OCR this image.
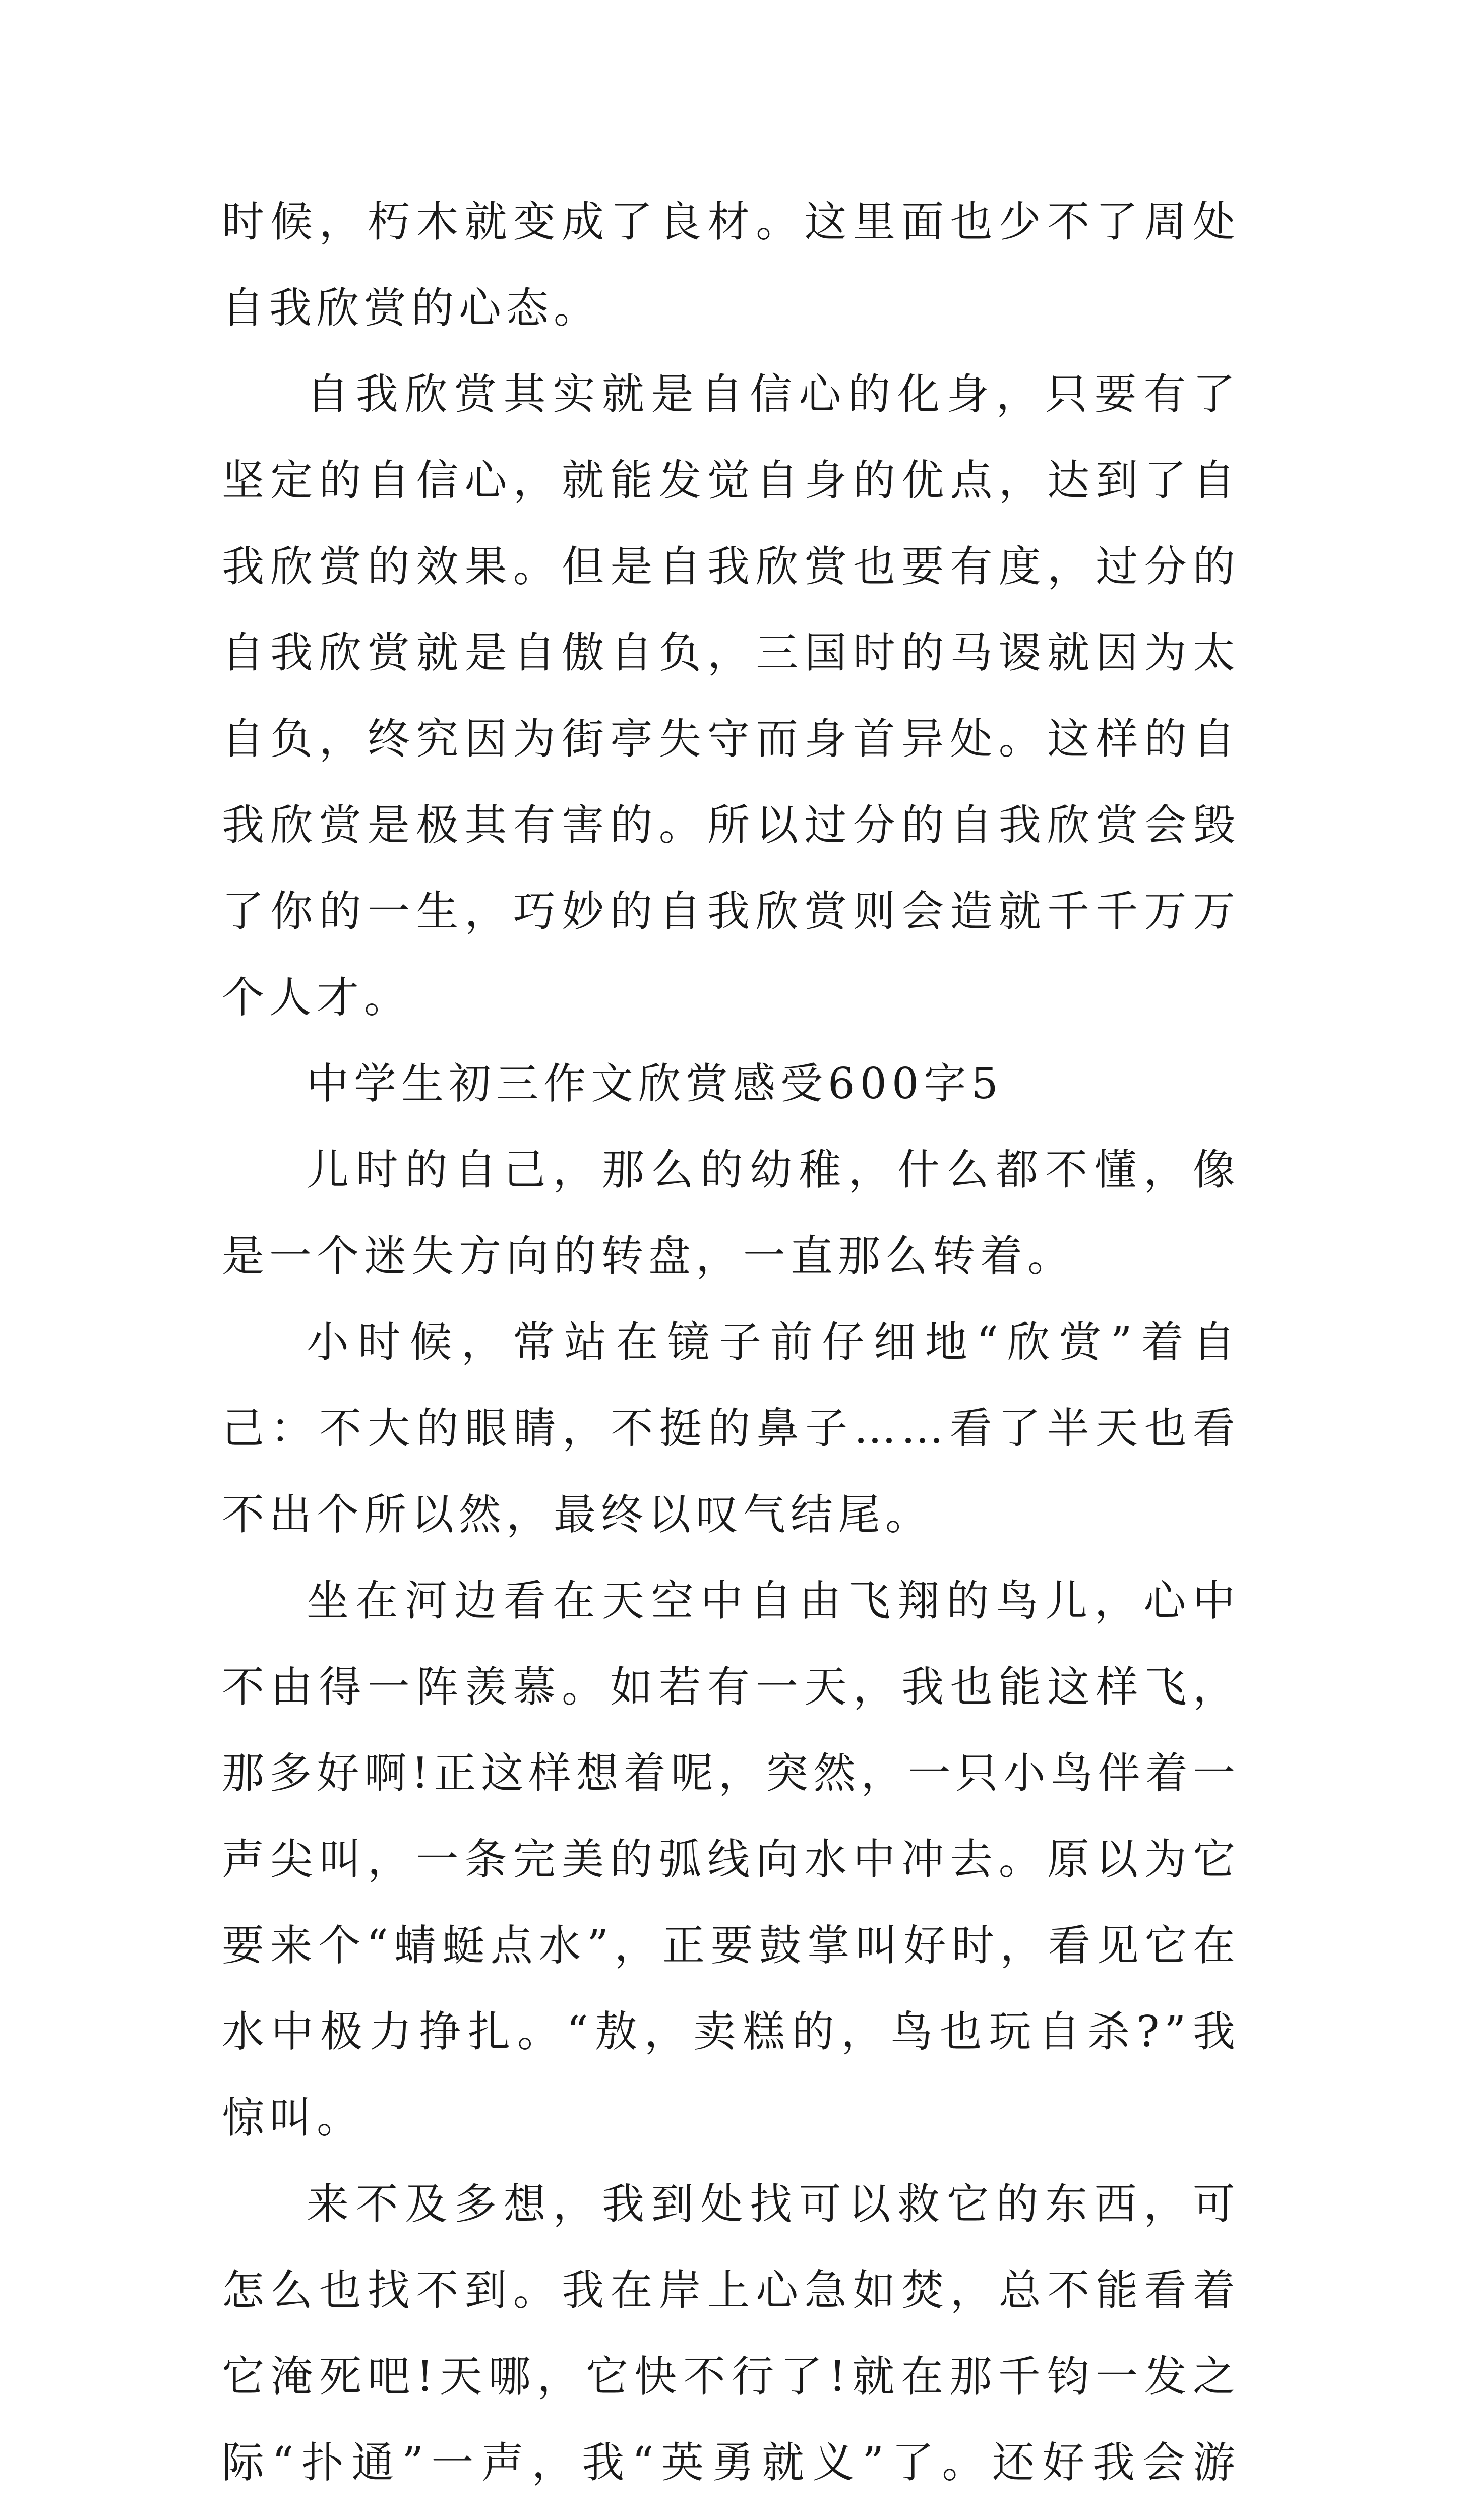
时候，朽木就变成了良材。这里面也少不了周处自我欣赏的心态。

自我欣赏其实就是自信心的化身，只要有了坚定的自信心，就能发觉自身的优点，达到了自我欣赏的效果。但是自我欣赏也要有度，过分的自我欣赏就是自傲自负，三国时的马谡就因为太自负，终究因为街亭失守而身首异处。这样的自我欣赏是极其有害的。所以过分的自我欣赏会毁了你的一生，巧妙的自我欣赏则会造就千千万万个人才。

中学生初三作文欣赏感受600字5

儿时的自己，那么的幼稚，什么都不懂，像是一个迷失方向的转盘，一直那么转着。

小时候，常站在镜子前仔细地“欣赏”着自己：不大的眼睛，不挺的鼻子……看了半天也看不出个所以然，最终以叹气结尾。

坐在河边看在天空中自由飞翔的鸟儿，心中不由得一阵羡慕。如若有一天，我也能这样飞，那多好啊!正这样想着呢，突然，一只小鸟伴着一声尖叫，一条完美的弧线向水中冲去。原以为它要来个“蜻蜓点水”，正要鼓掌叫好时，看见它在水中极力挣扎。“敖，卖糕的，鸟也玩自杀?”我惊叫。

来不及多想，我到处找可以救它的东西，可怎么也找不到。我在岸上心急如焚，总不能看着它淹死吧!天哪，它快不行了!就在那千钧一发之际“扑通”一声，我“英勇就义”了。还好我会游
